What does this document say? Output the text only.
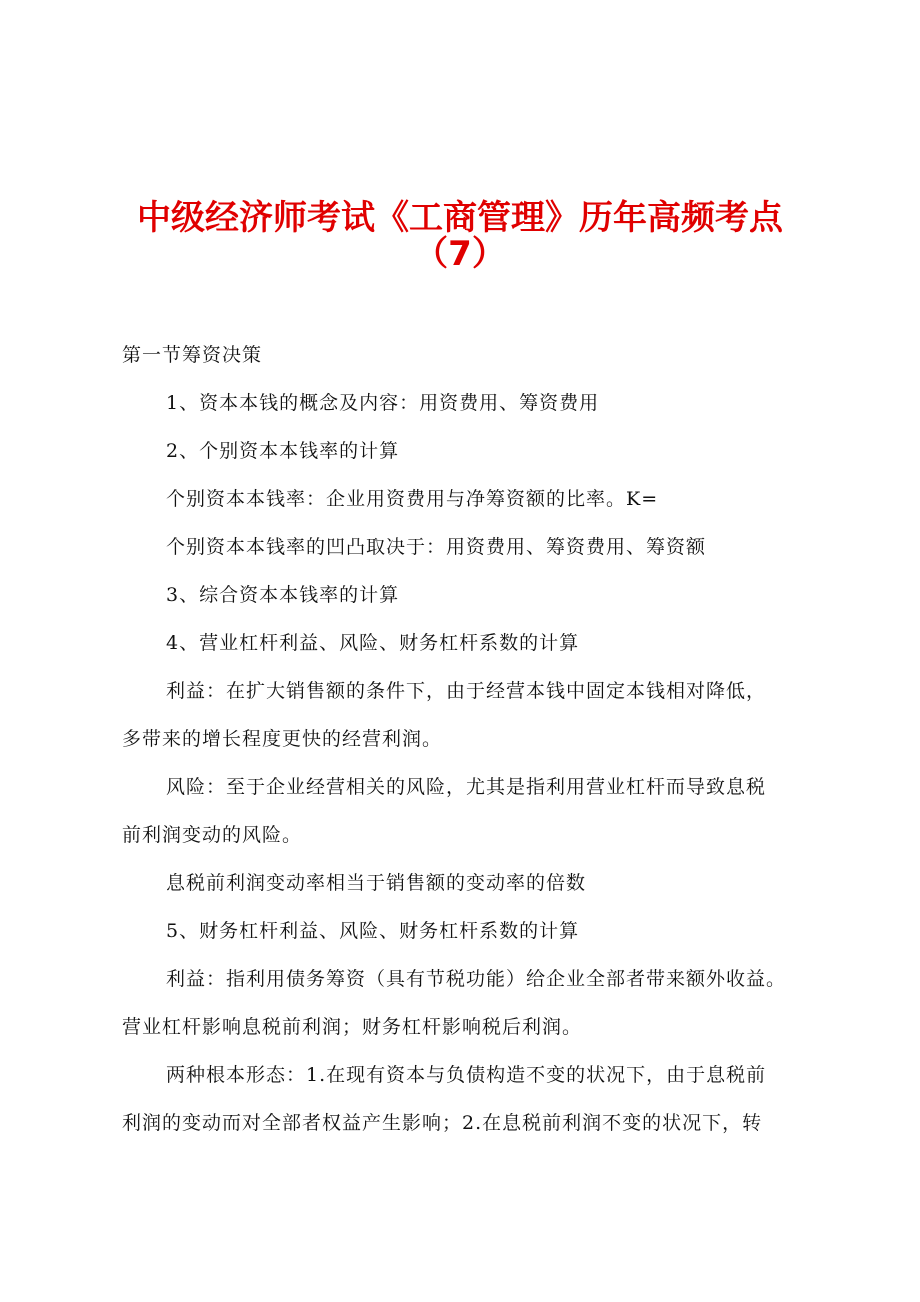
中级经济师考试《工商管理》历年高频考点
（7）
第一节筹资决策
1、资本本钱的概念及内容：用资费用、筹资费用
2、个别资本本钱率的计算
个别资本本钱率：企业用资费用与净筹资额的比率。K=
个别资本本钱率的凹凸取决于：用资费用、筹资费用、筹资额
3、综合资本本钱率的计算
4、营业杠杆利益、风险、财务杠杆系数的计算
利益：在扩大销售额的条件下，由于经营本钱中固定本钱相对降低，
多带来的增长程度更快的经营利润。
风险：至于企业经营相关的风险，尤其是指利用营业杠杆而导致息税
前利润变动的风险。
息税前利润变动率相当于销售额的变动率的倍数
5、财务杠杆利益、风险、财务杠杆系数的计算
利益：指利用债务筹资（具有节税功能）给企业全部者带来额外收益。
营业杠杆影响息税前利润；财务杠杆影响税后利润。
两种根本形态：1.在现有资本与负债构造不变的状况下，由于息税前
利润的变动而对全部者权益产生影响；2.在息税前利润不变的状况下，转
